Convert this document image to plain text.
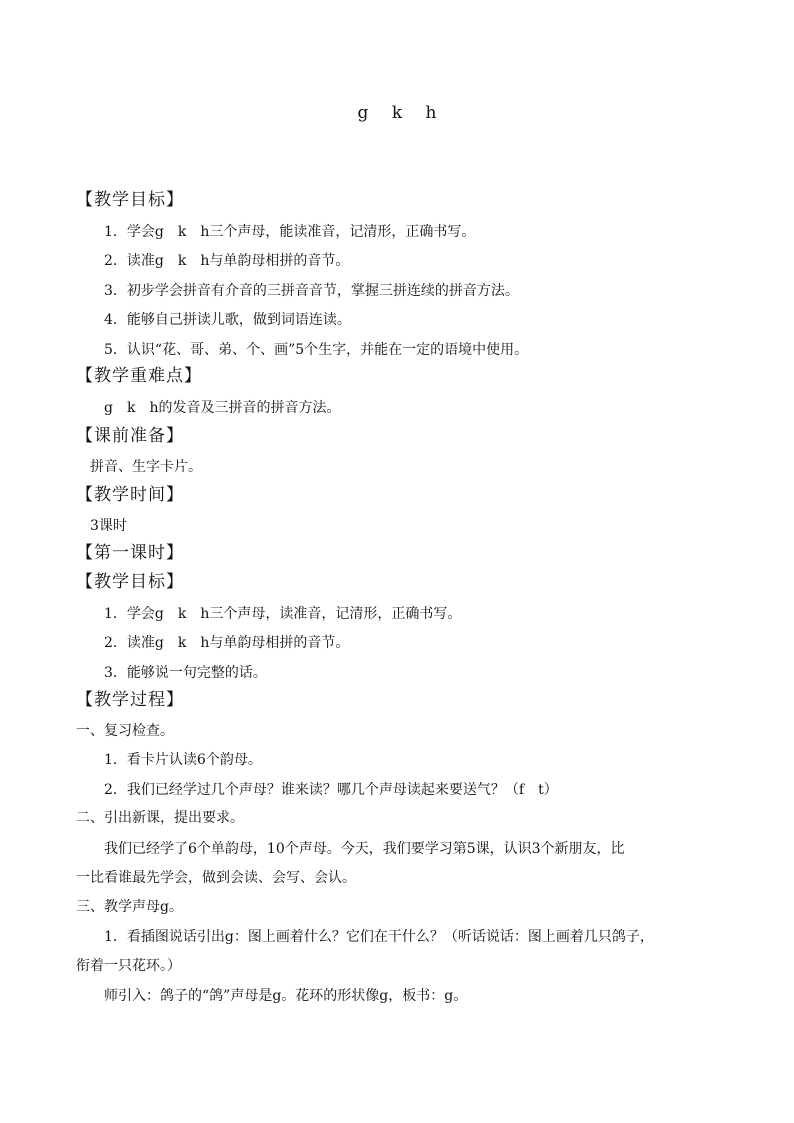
g k h
【教学目标】
1．学会g　k　h三个声母，能读准音，记清形，正确书写。
2．读准g　k　h与单韵母相拼的音节。
3．初步学会拼音有介音的三拼音音节，掌握三拼连续的拼音方法。
4．能够自己拼读儿歌，做到词语连读。
5．认识“花、哥、弟、个、画”5个生字，并能在一定的语境中使用。
【教学重难点】
g　k　h的发音及三拼音的拼音方法。
【课前准备】
拼音、生字卡片。
【教学时间】
3课时
【第一课时】
【教学目标】
1．学会g　k　h三个声母，读准音，记清形，正确书写。
2．读准g　k　h与单韵母相拼的音节。
3．能够说一句完整的话。
【教学过程】
一、复习检查。
1．看卡片认读6个韵母。
2．我们已经学过几个声母？谁来读？哪几个声母读起来要送气？（f　t）
二、引出新课，提出要求。
我们已经学了6个单韵母，10个声母。今天，我们要学习第5课，认识3个新朋友，比
一比看谁最先学会，做到会读、会写、会认。
三、教学声母g。
1．看插图说话引出g：图上画着什么？它们在干什么？（听话说话：图上画着几只鸽子，
衔着一只花环。）
师引入：鸽子的“鸽”声母是g。花环的形状像g，板书：g。
